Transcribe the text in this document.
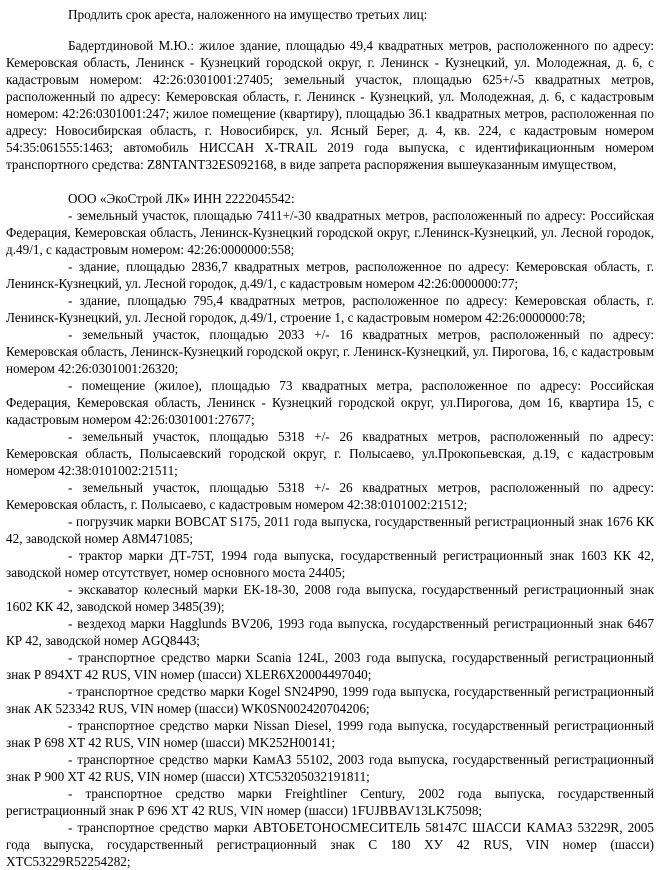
Продлить срок ареста, наложенного на имущество третьих лиц:

Бадертдиновой М.Ю.: жилое здание, площадью 49,4 квадратных метров, расположенного по адресу: Кемеровская область, Ленинск - Кузнецкий городской округ, г. Ленинск - Кузнецкий, ул. Молодежная, д. 6, с кадастровым номером: 42:26:0301001:27405; земельный участок, площадью 625+/-5 квадратных метров, расположенный по адресу: Кемеровская область, г. Ленинск - Кузнецкий, ул. Молодежная, д. 6, с кадастровым номером: 42:26:0301001:247; жилое помещение (квартиру), площадью 36.1 квадратных метров, расположенная по адресу: Новосибирская область, г. Новосибирск, ул. Ясный Берег, д. 4, кв. 224, с кадастровым номером 54:35:061555:1463; автомобиль НИССАН X-TRAIL 2019 года выпуска, с идентификационным номером транспортного средства: Z8NTANT32ES092168, в виде запрета распоряжения вышеуказанным имуществом,

ООО «ЭкоСтрой ЛК» ИНН 2222045542:

- земельный участок, площадью 7411+/-30 квадратных метров, расположенный по адресу: Российская Федерация, Кемеровская область, Ленинск-Кузнецкий городской округ, г.Ленинск-Кузнецкий, ул. Лесной городок, д.49/1, с кадастровым номером: 42:26:0000000:558;

- здание, площадью 2836,7 квадратных метров, расположенное по адресу: Кемеровская область, г. Ленинск-Кузнецкий, ул. Лесной городок, д.49/1, с кадастровым номером 42:26:0000000:77;

- здание, площадью 795,4 квадратных метров, расположенное по адресу: Кемеровская область, г. Ленинск-Кузнецкий, ул. Лесной городок, д.49/1, строение 1, с кадастровым номером 42:26:0000000:78;

- земельный участок, площадью 2033 +/- 16 квадратных метров, расположенный по адресу: Кемеровская область, Ленинск-Кузнецкий городской округ, г. Ленинск-Кузнецкий, ул. Пирогова, 16, с кадастровым номером 42:26:0301001:26320;

- помещение (жилое), площадью 73 квадратных метра, расположенное по адресу: Российская Федерация, Кемеровская область, Ленинск - Кузнецкий городской округ, ул.Пирогова, дом 16, квартира 15, с кадастровым номером 42:26:0301001:27677;

- земельный участок, площадью 5318 +/- 26 квадратных метров, расположенный по адресу: Кемеровская область, Полысаевский городской округ, г. Полысаево, ул.Прокопьевская, д.19, с кадастровым номером 42:38:0101002:21511;

- земельный участок, площадью 5318 +/- 26 квадратных метров, расположенный по адресу: Кемеровская область, г. Полысаево, с кадастровым номером 42:38:0101002:21512;

- погрузчик марки BOBCAT S175, 2011 года выпуска, государственный регистрационный знак 1676 КК 42, заводской номер A8M471085;

- трактор марки ДТ-75Т, 1994 года выпуска, государственный регистрационный знак 1603 КК 42, заводской номер отсутствует, номер основного моста 24405;

- экскаватор колесный марки ЕК-18-30, 2008 года выпуска, государственный регистрационный знак 1602 КК 42, заводской номер 3485(39);

- вездеход марки Hagglunds BV206, 1993 года выпуска, государственный регистрационный знак 6467 КР 42, заводской номер AGQ8443;

- транспортное средство марки Scania 124L, 2003 года выпуска, государственный регистрационный знак Р 894ХТ 42 RUS, VIN номер (шасси) XLER6X20004497040;

- транспортное средство марки Kogel SN24P90, 1999 года выпуска, государственный регистрационный знак АК 523342 RUS, VIN номер (шасси) WK0SN002420704206;

- транспортное средство марки Nissan Diesel, 1999 года выпуска, государственный регистрационный знак Р 698 ХТ 42 RUS, VIN номер (шасси) MK252H00141;

- транспортное средство марки КамАЗ 55102, 2003 года выпуска, государственный регистрационный знак Р 900 ХТ 42 RUS, VIN номер (шасси) ХТС53205032191811;

- транспортное средство марки Freightliner Century, 2002 года выпуска, государственный регистрационный знак Р 696 ХТ 42 RUS, VIN номер (шасси) 1FUJBBAV13LK75098;

- транспортное средство марки АВТОБЕТОНОСМЕСИТЕЛЬ 58147С ШАССИ КАМАЗ 53229R, 2005 года выпуска, государственный регистрационный знак С 180 ХУ 42 RUS, VIN номер (шасси) ХТС53229R52254282;
